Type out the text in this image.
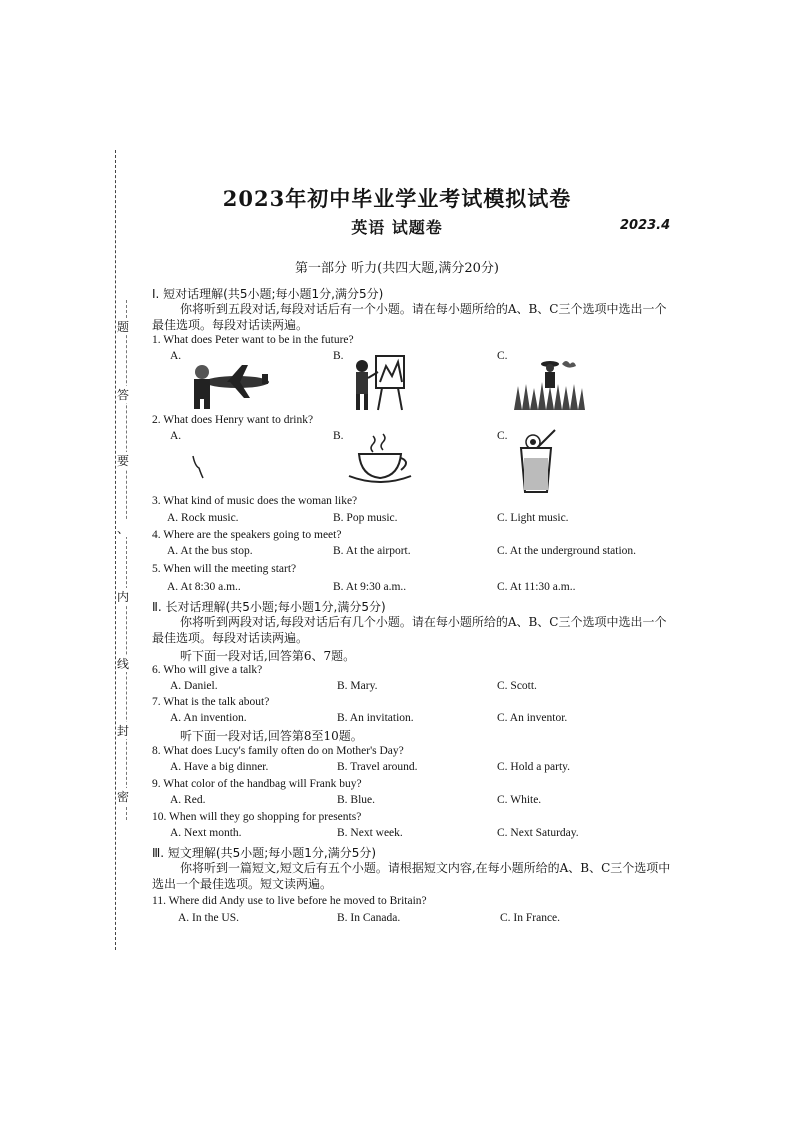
题
答
要
、
内
线
封
密
2023年初中毕业学业考试模拟试卷
英语 试题卷	2023.4
第一部分 听力(共四大题,满分20分)
Ⅰ. 短对话理解(共5小题;每小题1分,满分5分)
你将听到五段对话,每段对话后有一个小题。请在每小题所给的A、B、C三个选项中选出一个最佳选项。每段对话读两遍。
1. What does Peter want to be in the future?
A.	B.	C.
2. What does Henry want to drink?
A.	B.	C.
3. What kind of music does the woman like?
A. Rock music.	B. Pop music.	C. Light music.
4. Where are the speakers going to meet?
A. At the bus stop.	B. At the airport.	C. At the underground station.
5. When will the meeting start?
A. At 8:30 a.m..	B. At 9:30 a.m..	C. At 11:30 a.m..
Ⅱ. 长对话理解(共5小题;每小题1分,满分5分)
你将听到两段对话,每段对话后有几个小题。请在每小题所给的A、B、C三个选项中选出一个最佳选项。每段对话读两遍。
听下面一段对话,回答第6、7题。
6. Who will give a talk?
A. Daniel.	B. Mary.	C. Scott.
7. What is the talk about?
A. An invention.	B. An invitation.	C. An inventor.
听下面一段对话,回答第8至10题。
8. What does Lucy's family often do on Mother's Day?
A. Have a big dinner.	B. Travel around.	C. Hold a party.
9. What color of the handbag will Frank buy?
A. Red.	B. Blue.	C. White.
10. When will they go shopping for presents?
A. Next month.	B. Next week.	C. Next Saturday.
Ⅲ. 短文理解(共5小题;每小题1分,满分5分)
你将听到一篇短文,短文后有五个小题。请根据短文内容,在每小题所给的A、B、C三个选项中选出一个最佳选项。短文读两遍。
11. Where did Andy use to live before he moved to Britain?
A. In the US.	B. In Canada.	C. In France.
